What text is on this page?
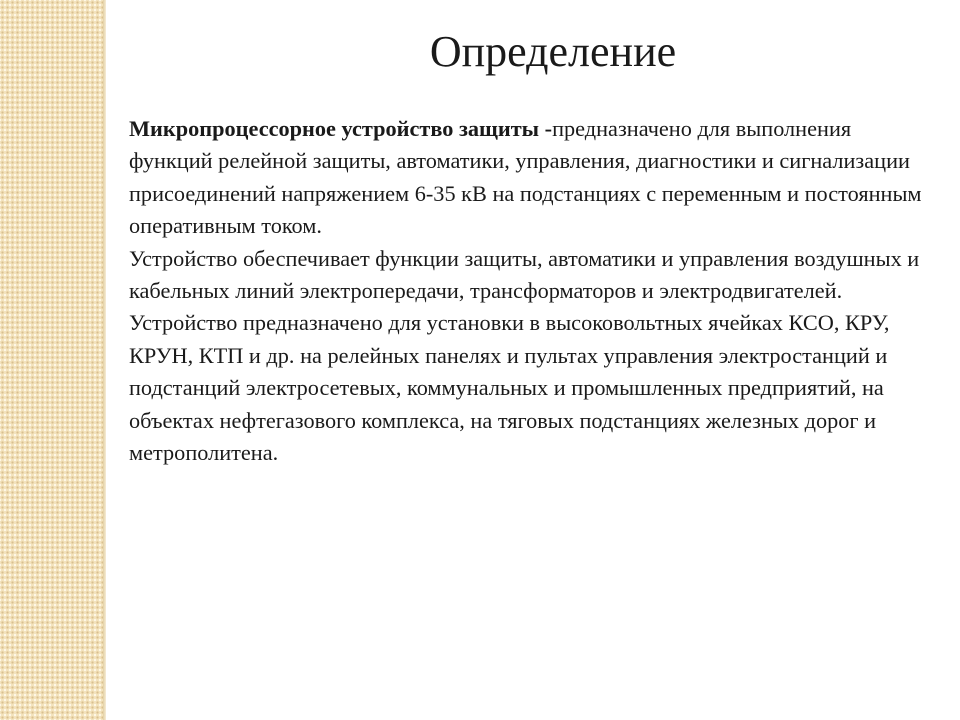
Определение

Микропроцессорное устройство защиты -предназначено для выполнения функций релейной защиты, автоматики, управления, диагностики и сигнализации присоединений напряжением 6-35 кВ на подстанциях с переменным и постоянным оперативным током.

Устройство обеспечивает функции защиты, автоматики и управления воздушных и кабельных линий электропередачи, трансформаторов и электродвигателей.

Устройство предназначено для установки в высоковольтных ячейках КСО, КРУ, КРУН, КТП и др. на релейных панелях и пультах управления электростанций и подстанций электросетевых, коммунальных и промышленных предприятий, на объектах нефтегазового комплекса, на тяговых подстанциях железных дорог и метрополитена.
